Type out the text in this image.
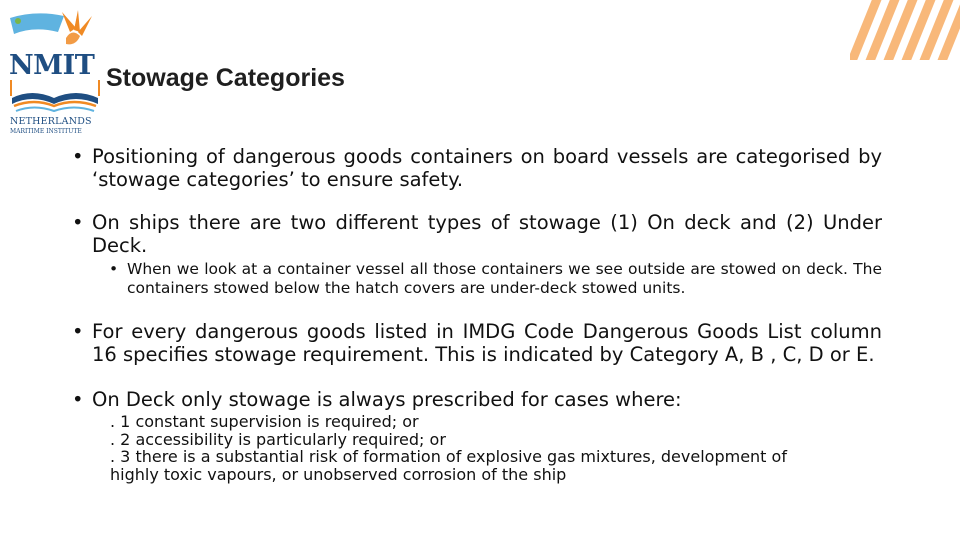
NMIT
NETHERLANDS
MARITIME INSTITUTE
Stowage Categories
• Positioning of dangerous goods containers on board vessels are categorised by ‘stowage categories’ to ensure safety.
• On ships there are two different types of stowage (1) On deck and (2) Under Deck.
• When we look at a container vessel all those containers we see outside are stowed on deck. The containers stowed below the hatch covers are under-deck stowed units.
• For every dangerous goods listed in IMDG Code Dangerous Goods List column 16 specifies stowage requirement. This is indicated by Category A, B , C, D or E.
• On Deck only stowage is always prescribed for cases where:
. 1 constant supervision is required; or
. 2 accessibility is particularly required; or
. 3 there is a substantial risk of formation of explosive gas mixtures, development of
highly toxic vapours, or unobserved corrosion of the ship
